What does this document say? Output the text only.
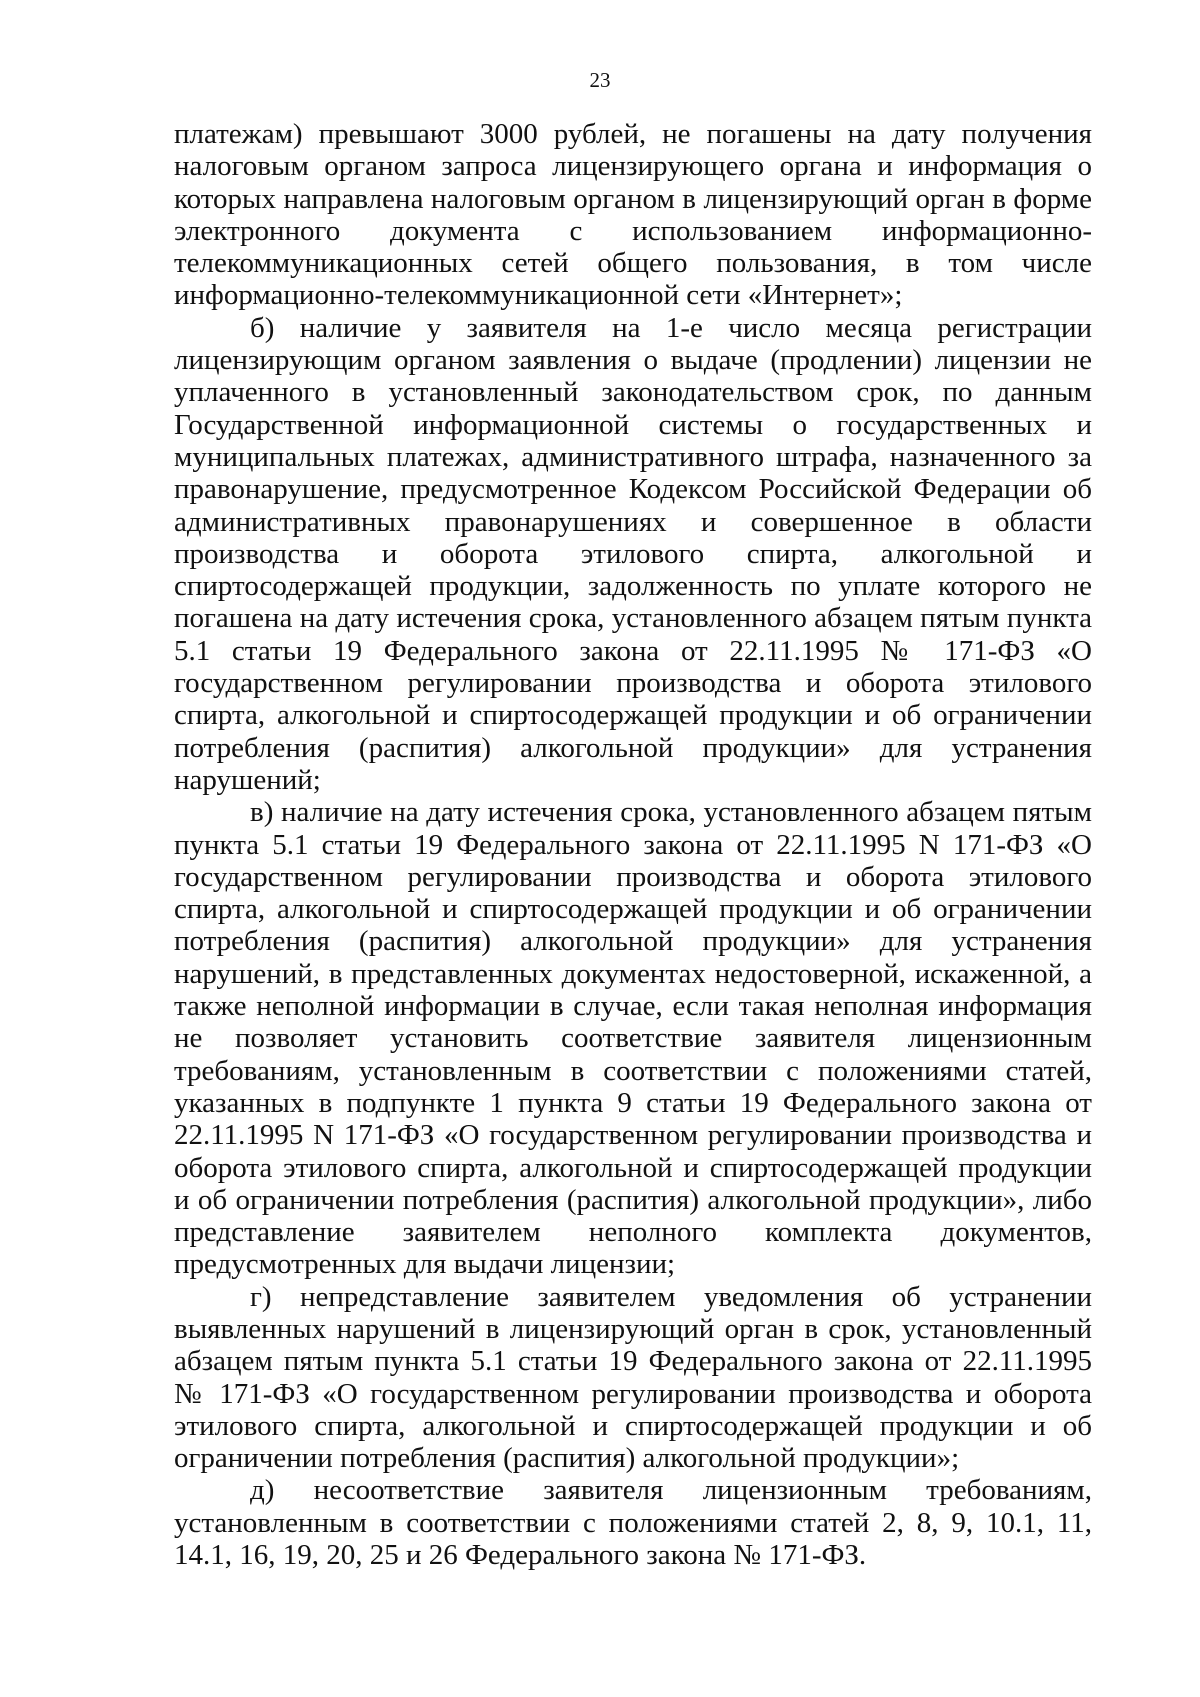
23

платежам) превышают 3000 рублей, не погашены на дату получения налоговым органом запроса лицензирующего органа и информация о которых направлена налоговым органом в лицензирующий орган в форме электронного документа с использованием информационно-телекоммуникационных сетей общего пользования, в том числе информационно-телекоммуникационной сети «Интернет»;

б) наличие у заявителя на 1-е число месяца регистрации лицензирующим органом заявления о выдаче (продлении) лицензии не уплаченного в установленный законодательством срок, по данным Государственной информационной системы о государственных и муниципальных платежах, административного штрафа, назначенного за правонарушение, предусмотренное Кодексом Российской Федерации об административных правонарушениях и совершенное в области производства и оборота этилового спирта, алкогольной и спиртосодержащей продукции, задолженность по уплате которого не погашена на дату истечения срока, установленного абзацем пятым пункта 5.1 статьи 19 Федерального закона от 22.11.1995 № 171-ФЗ «О государственном регулировании производства и оборота этилового спирта, алкогольной и спиртосодержащей продукции и об ограничении потребления (распития) алкогольной продукции» для устранения нарушений;

в) наличие на дату истечения срока, установленного абзацем пятым пункта 5.1 статьи 19 Федерального закона от 22.11.1995 N 171-ФЗ «О государственном регулировании производства и оборота этилового спирта, алкогольной и спиртосодержащей продукции и об ограничении потребления (распития) алкогольной продукции» для устранения нарушений, в представленных документах недостоверной, искаженной, а также неполной информации в случае, если такая неполная информация не позволяет установить соответствие заявителя лицензионным требованиям, установленным в соответствии с положениями статей, указанных в подпункте 1 пункта 9 статьи 19 Федерального закона от 22.11.1995 N 171-ФЗ «О государственном регулировании производства и оборота этилового спирта, алкогольной и спиртосодержащей продукции и об ограничении потребления (распития) алкогольной продукции», либо представление заявителем неполного комплекта документов, предусмотренных для выдачи лицензии;

г) непредставление заявителем уведомления об устранении выявленных нарушений в лицензирующий орган в срок, установленный абзацем пятым пункта 5.1 статьи 19 Федерального закона от 22.11.1995 № 171-ФЗ «О государственном регулировании производства и оборота этилового спирта, алкогольной и спиртосодержащей продукции и об ограничении потребления (распития) алкогольной продукции»;

д) несоответствие заявителя лицензионным требованиям, установленным в соответствии с положениями статей 2, 8, 9, 10.1, 11, 14.1, 16, 19, 20, 25 и 26 Федерального закона № 171-ФЗ.
